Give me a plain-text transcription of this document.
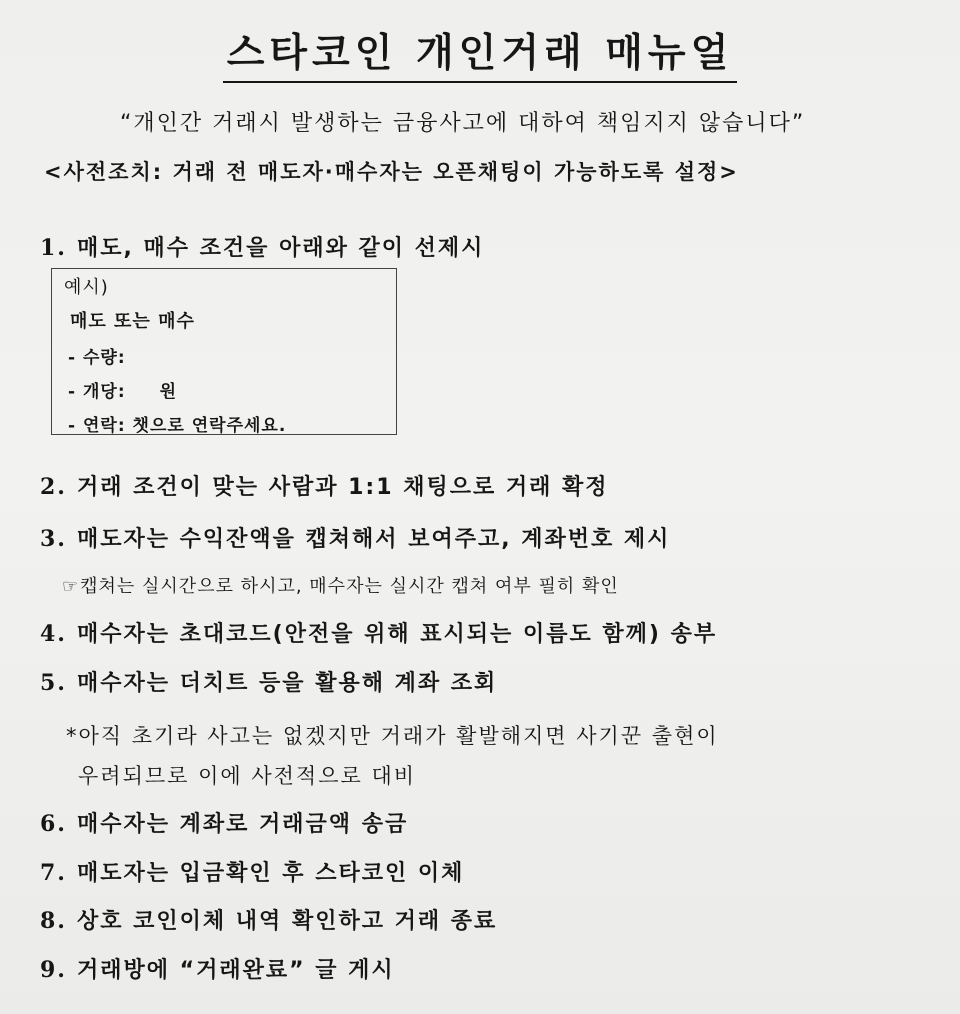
스타코인 개인거래 매뉴얼
“개인간 거래시 발생하는 금융사고에 대하여 책임지지 않습니다”
<사전조치: 거래 전 매도자·매수자는 오픈채팅이 가능하도록 설정>
1. 매도, 매수 조건을 아래와 같이 선제시
예시)
매도 또는 매수
- 수량:
- 개당: 원
- 연락: 챗으로 연락주세요.
2. 거래 조건이 맞는 사람과 1:1 채팅으로 거래 확정
3. 매도자는 수익잔액을 캡쳐해서 보여주고, 계좌번호 제시
☞캡쳐는 실시간으로 하시고, 매수자는 실시간 캡쳐 여부 필히 확인
4. 매수자는 초대코드(안전을 위해 표시되는 이름도 함께) 송부
5. 매수자는 더치트 등을 활용해 계좌 조회
*아직 초기라 사고는 없겠지만 거래가 활발해지면 사기꾼 출현이
우려되므로 이에 사전적으로 대비
6. 매수자는 계좌로 거래금액 송금
7. 매도자는 입금확인 후 스타코인 이체
8. 상호 코인이체 내역 확인하고 거래 종료
9. 거래방에 “거래완료” 글 게시
